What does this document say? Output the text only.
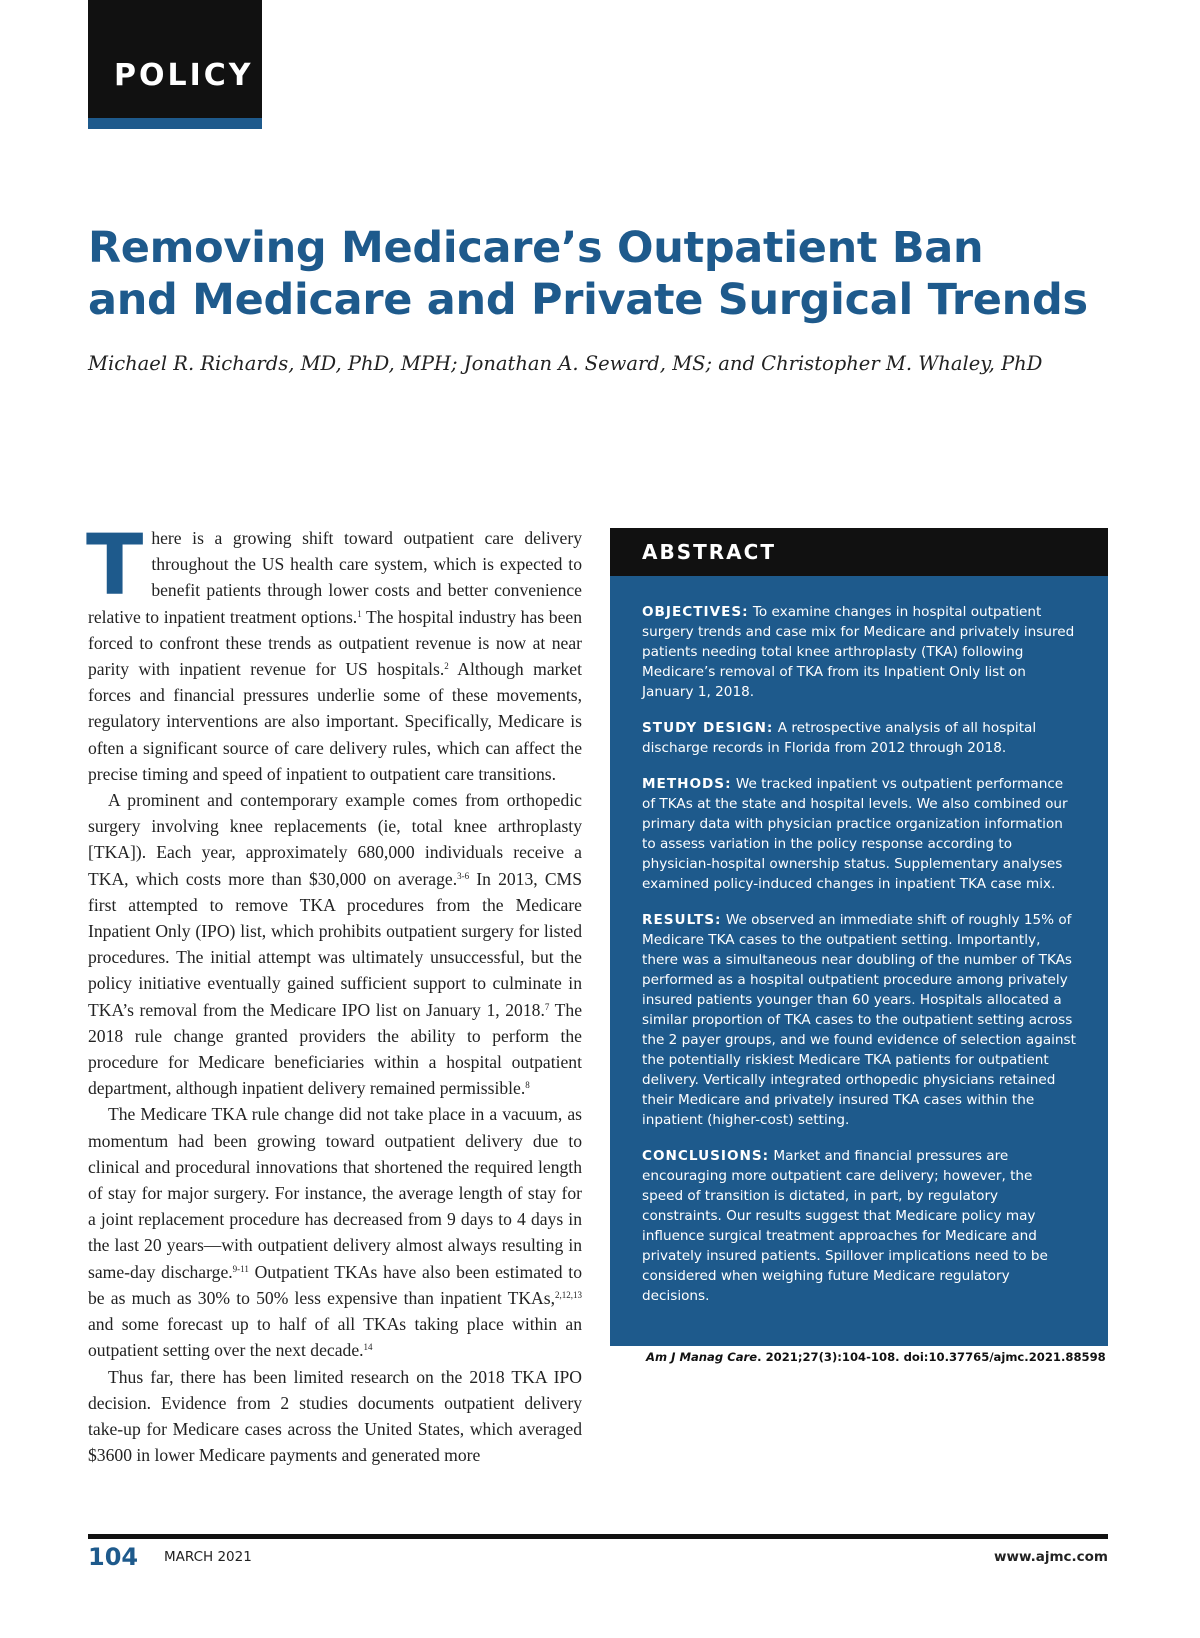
POLICY
Removing Medicare’s Outpatient Ban
and Medicare and Private Surgical Trends
Michael R. Richards, MD, PhD, MPH; Jonathan A. Seward, MS; and Christopher M. Whaley, PhD

There is a growing shift toward outpatient care delivery throughout the US health care system, which is expected to benefit patients through lower costs and better convenience relative to inpatient treatment options.$^1$ The hospital industry has been forced to confront these trends as outpatient revenue is now at near parity with inpatient revenue for US hospitals.$^2$ Although market forces and financial pressures underlie some of these movements, regulatory interventions are also important. Specifically, Medicare is often a significant source of care delivery rules, which can affect the precise timing and speed of inpatient to outpatient care transitions.

A prominent and contemporary example comes from orthopedic surgery involving knee replacements (ie, total knee arthroplasty [TKA]). Each year, approximately 680,000 individuals receive a TKA, which costs more than $30,000 on average.$^{3-6}$ In 2013, CMS first attempted to remove TKA procedures from the Medicare Inpatient Only (IPO) list, which prohibits outpatient surgery for listed procedures. The initial attempt was ultimately unsuccessful, but the policy initiative eventually gained sufficient support to culminate in TKA’s removal from the Medicare IPO list on January 1, 2018.$^7$ The 2018 rule change granted providers the ability to perform the procedure for Medicare beneficiaries within a hospital outpatient department, although inpatient delivery remained permissible.$^8$

The Medicare TKA rule change did not take place in a vacuum, as momentum had been growing toward outpatient delivery due to clinical and procedural innovations that shortened the required length of stay for major surgery. For instance, the average length of stay for a joint replacement procedure has decreased from 9 days to 4 days in the last 20 years—with outpatient delivery almost always resulting in same-day discharge.$^{9-11}$ Outpatient TKAs have also been estimated to be as much as 30% to 50% less expensive than inpatient TKAs,$^{2,12,13}$ and some forecast up to half of all TKAs taking place within an outpatient setting over the next decade.$^{14}$

Thus far, there has been limited research on the 2018 TKA IPO decision. Evidence from 2 studies documents outpatient delivery take-up for Medicare cases across the United States, which averaged $3600 in lower Medicare payments and generated more

ABSTRACT

OBJECTIVES: To examine changes in hospital outpatient surgery trends and case mix for Medicare and privately insured patients needing total knee arthroplasty (TKA) following Medicare’s removal of TKA from its Inpatient Only list on January 1, 2018.

STUDY DESIGN: A retrospective analysis of all hospital discharge records in Florida from 2012 through 2018.

METHODS: We tracked inpatient vs outpatient performance of TKAs at the state and hospital levels. We also combined our primary data with physician practice organization information to assess variation in the policy response according to physician-hospital ownership status. Supplementary analyses examined policy-induced changes in inpatient TKA case mix.

RESULTS: We observed an immediate shift of roughly 15% of Medicare TKA cases to the outpatient setting. Importantly, there was a simultaneous near doubling of the number of TKAs performed as a hospital outpatient procedure among privately insured patients younger than 60 years. Hospitals allocated a similar proportion of TKA cases to the outpatient setting across the 2 payer groups, and we found evidence of selection against the potentially riskiest Medicare TKA patients for outpatient delivery. Vertically integrated orthopedic physicians retained their Medicare and privately insured TKA cases within the inpatient (higher-cost) setting.

CONCLUSIONS: Market and financial pressures are encouraging more outpatient care delivery; however, the speed of transition is dictated, in part, by regulatory constraints. Our results suggest that Medicare policy may influence surgical treatment approaches for Medicare and privately insured patients. Spillover implications need to be considered when weighing future Medicare regulatory decisions.

Am J Manag Care. 2021;27(3):104-108. doi:10.37765/ajmc.2021.88598
104 MARCH 2021	www.ajmc.com
